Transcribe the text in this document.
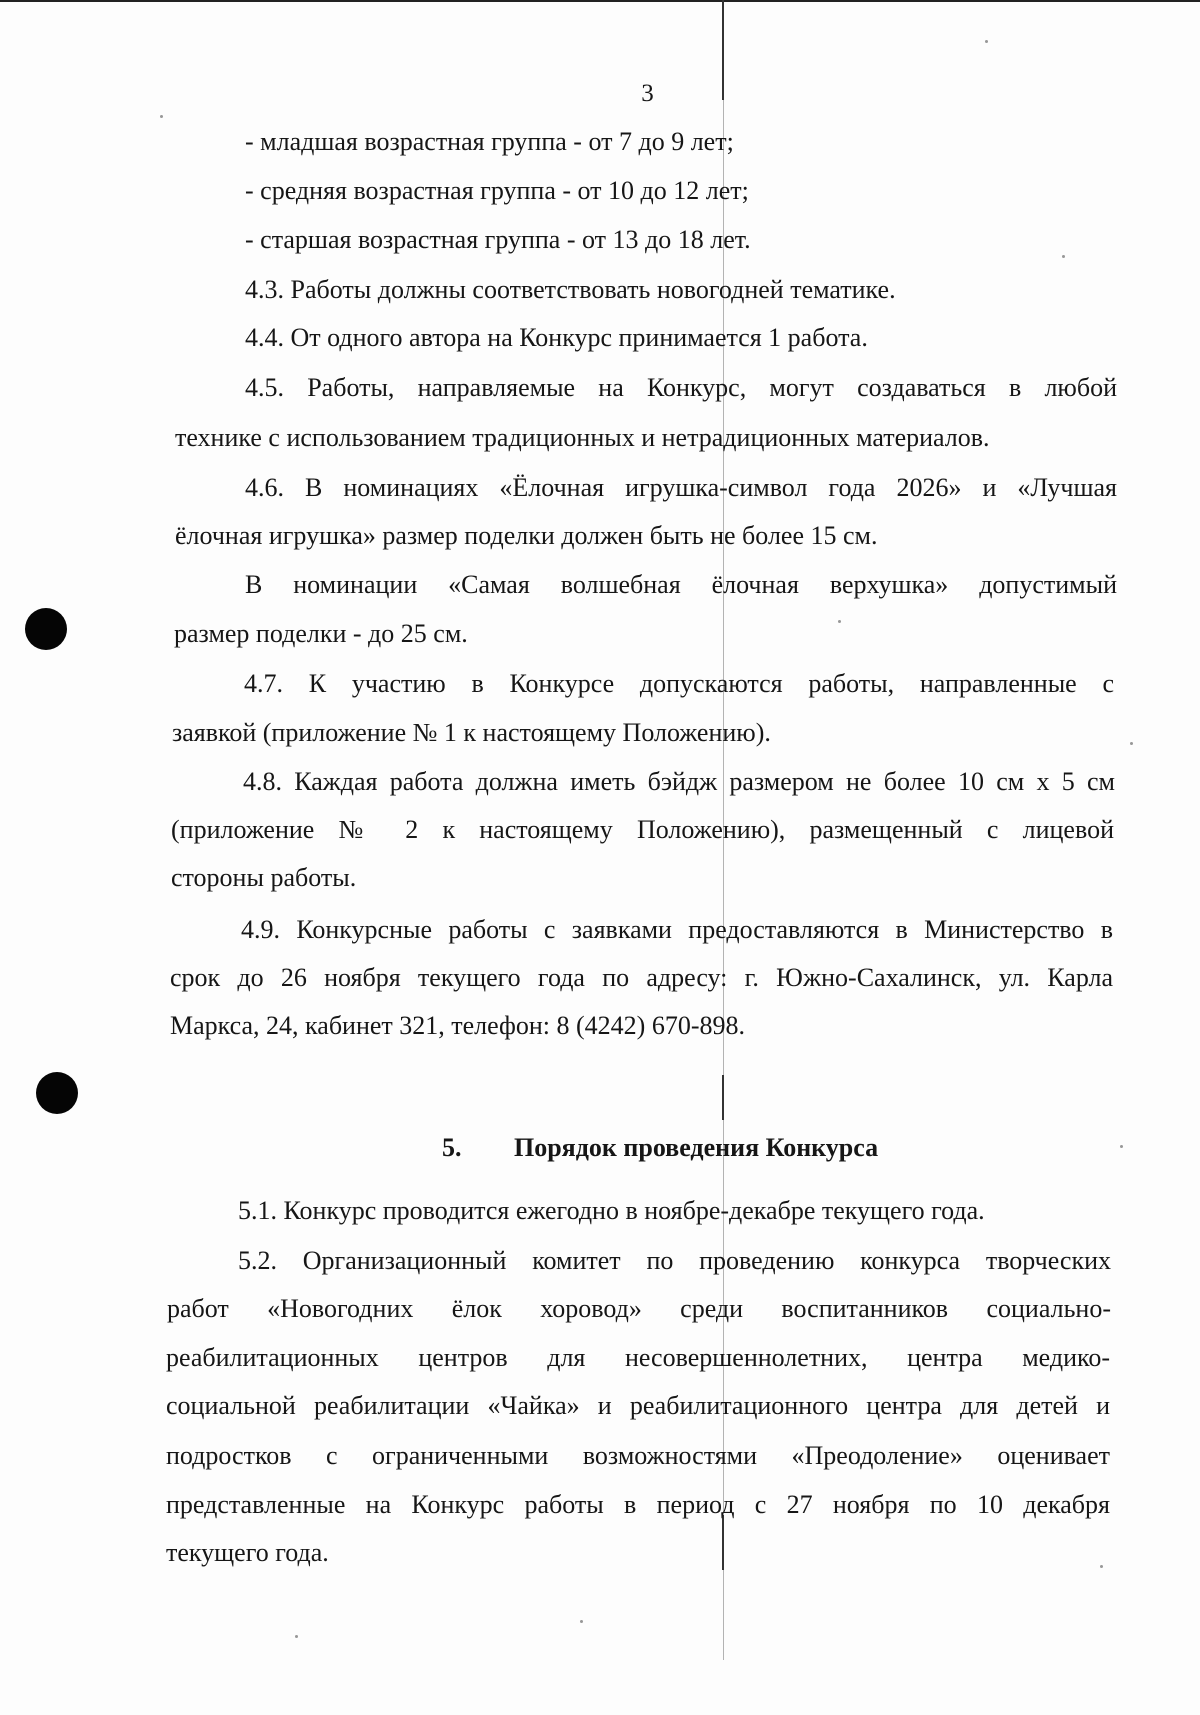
3
- младшая возрастная группа - от 7 до 9 лет;
- средняя возрастная группа - от 10 до 12 лет;
- старшая возрастная группа - от 13 до 18 лет.
4.3. Работы должны соответствовать новогодней тематике.
4.4. От одного автора на Конкурс принимается 1 работа.
4.5. Работы, направляемые на Конкурс, могут создаваться в любой
технике с использованием традиционных и нетрадиционных материалов.
4.6. В номинациях «Ёлочная игрушка-символ года 2026» и «Лучшая
ёлочная игрушка» размер поделки должен быть не более 15 см.
В номинации «Самая волшебная ёлочная верхушка» допустимый
размер поделки - до 25 см.
4.7. К участию в Конкурсе допускаются работы, направленные с
заявкой (приложение № 1 к настоящему Положению).
4.8. Каждая работа должна иметь бэйдж размером не более 10 см х 5 см
(приложение № 2 к настоящему Положению), размещенный с лицевой
стороны работы.
4.9. Конкурсные работы с заявками предоставляются в Министерство в
срок до 26 ноября текущего года по адресу: г. Южно-Сахалинск, ул. Карла
Маркса, 24, кабинет 321, телефон: 8 (4242) 670-898.
5. Порядок проведения Конкурса
5.1. Конкурс проводится ежегодно в ноябре-декабре текущего года.
5.2. Организационный комитет по проведению конкурса творческих
работ «Новогодних ёлок хоровод» среди воспитанников социально-
реабилитационных центров для несовершеннолетних, центра медико-
социальной реабилитации «Чайка» и реабилитационного центра для детей и
подростков с ограниченными возможностями «Преодоление» оценивает
представленные на Конкурс работы в период с 27 ноября по 10 декабря
текущего года.
